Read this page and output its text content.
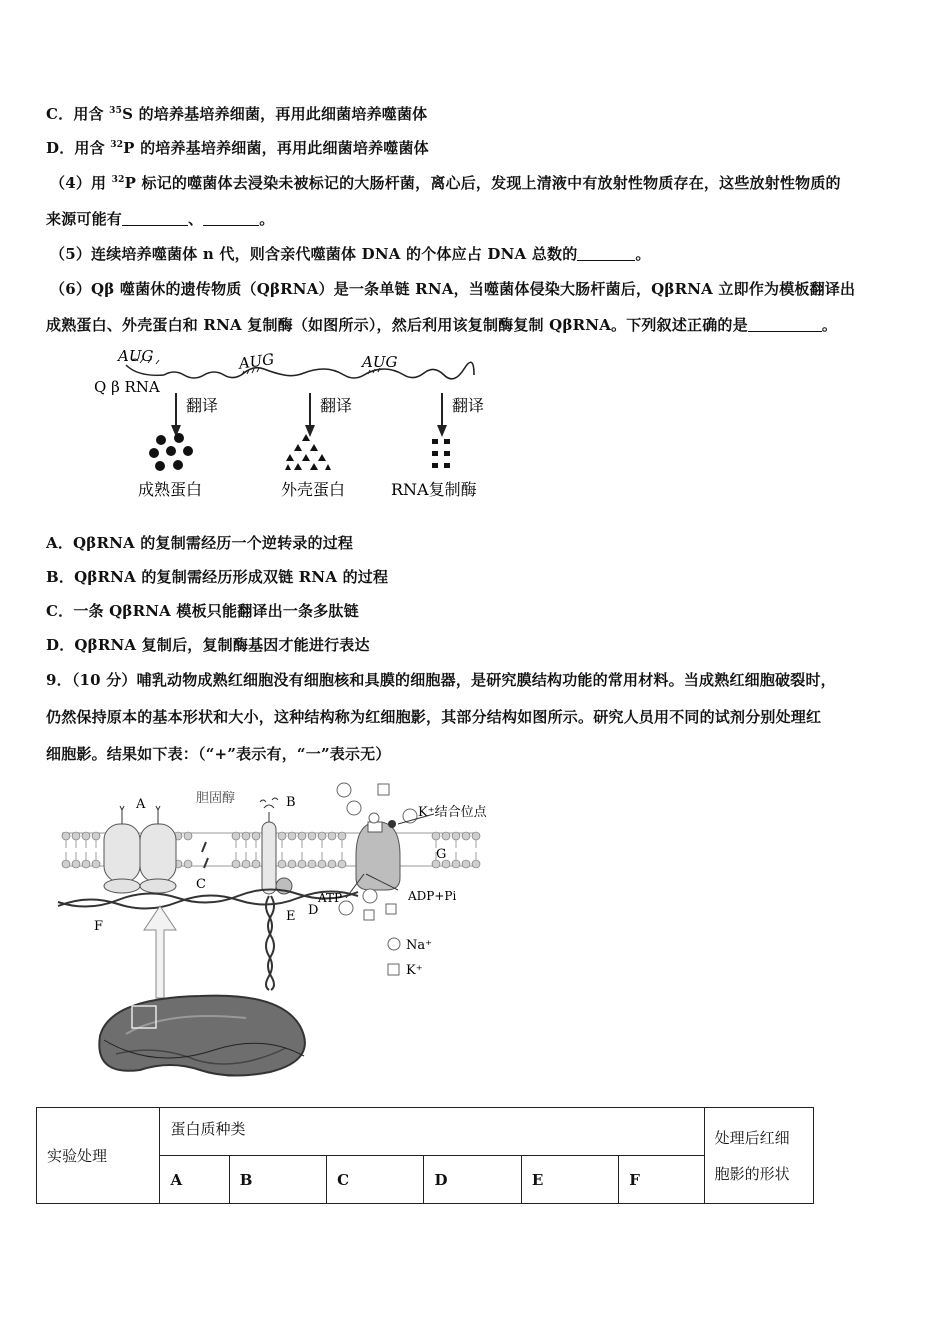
C．用含 $^{35}$S 的培养基培养细菌，再用此细菌培养噬菌体
D．用含 $^{32}$P 的培养基培养细菌，再用此细菌培养噬菌体
（4）用 $^{32}$P 标记的噬菌体去浸染未被标记的大肠杆菌，离心后，发现上清液中有放射性物质存在，这些放射性物质的
来源可能有	、	。
（5）连续培养噬菌体 n 代，则含亲代噬菌体 DNA 的个体应占 DNA 总数的	。
（6）Qβ 噬菌休的遗传物质（QβRNA）是一条单链 RNA，当噬菌体侵染大肠杆菌后，QβRNA 立即作为模板翻译出
成熟蛋白、外壳蛋白和 RNA 复制酶（如图所示），然后利用该复制酶复制 QβRNA。下列叙述正确的是	。
AUG	AUG	AUG
Q β RNA
翻译	翻译	翻译
成熟蛋白	外壳蛋白	RNA复制酶
A．QβRNA 的复制需经历一个逆转录的过程
B．QβRNA 的复制需经历形成双链 RNA 的过程
C．一条 QβRNA 模板只能翻译出一条多肽链
D．QβRNA 复制后，复制酶基因才能进行表达
9．（10 分）哺乳动物成熟红细胞没有细胞核和具膜的细胞器，是研究膜结构功能的常用材料。当成熟红细胞破裂时，
仍然保持原本的基本形状和大小，这种结构称为红细胞影，其部分结构如图所示。研究人员用不同的试剂分别处理红
细胞影。结果如下表：（“+”表示有，“一”表示无）
A	胆固醇	B
K⁺结合位点
G
C
ATP	ADP+Pi
D
E
F
Na⁺
K⁺
实验处理	蛋白质种类						处理后红细
胞影的形状
	A	B	C	D	E	F	
